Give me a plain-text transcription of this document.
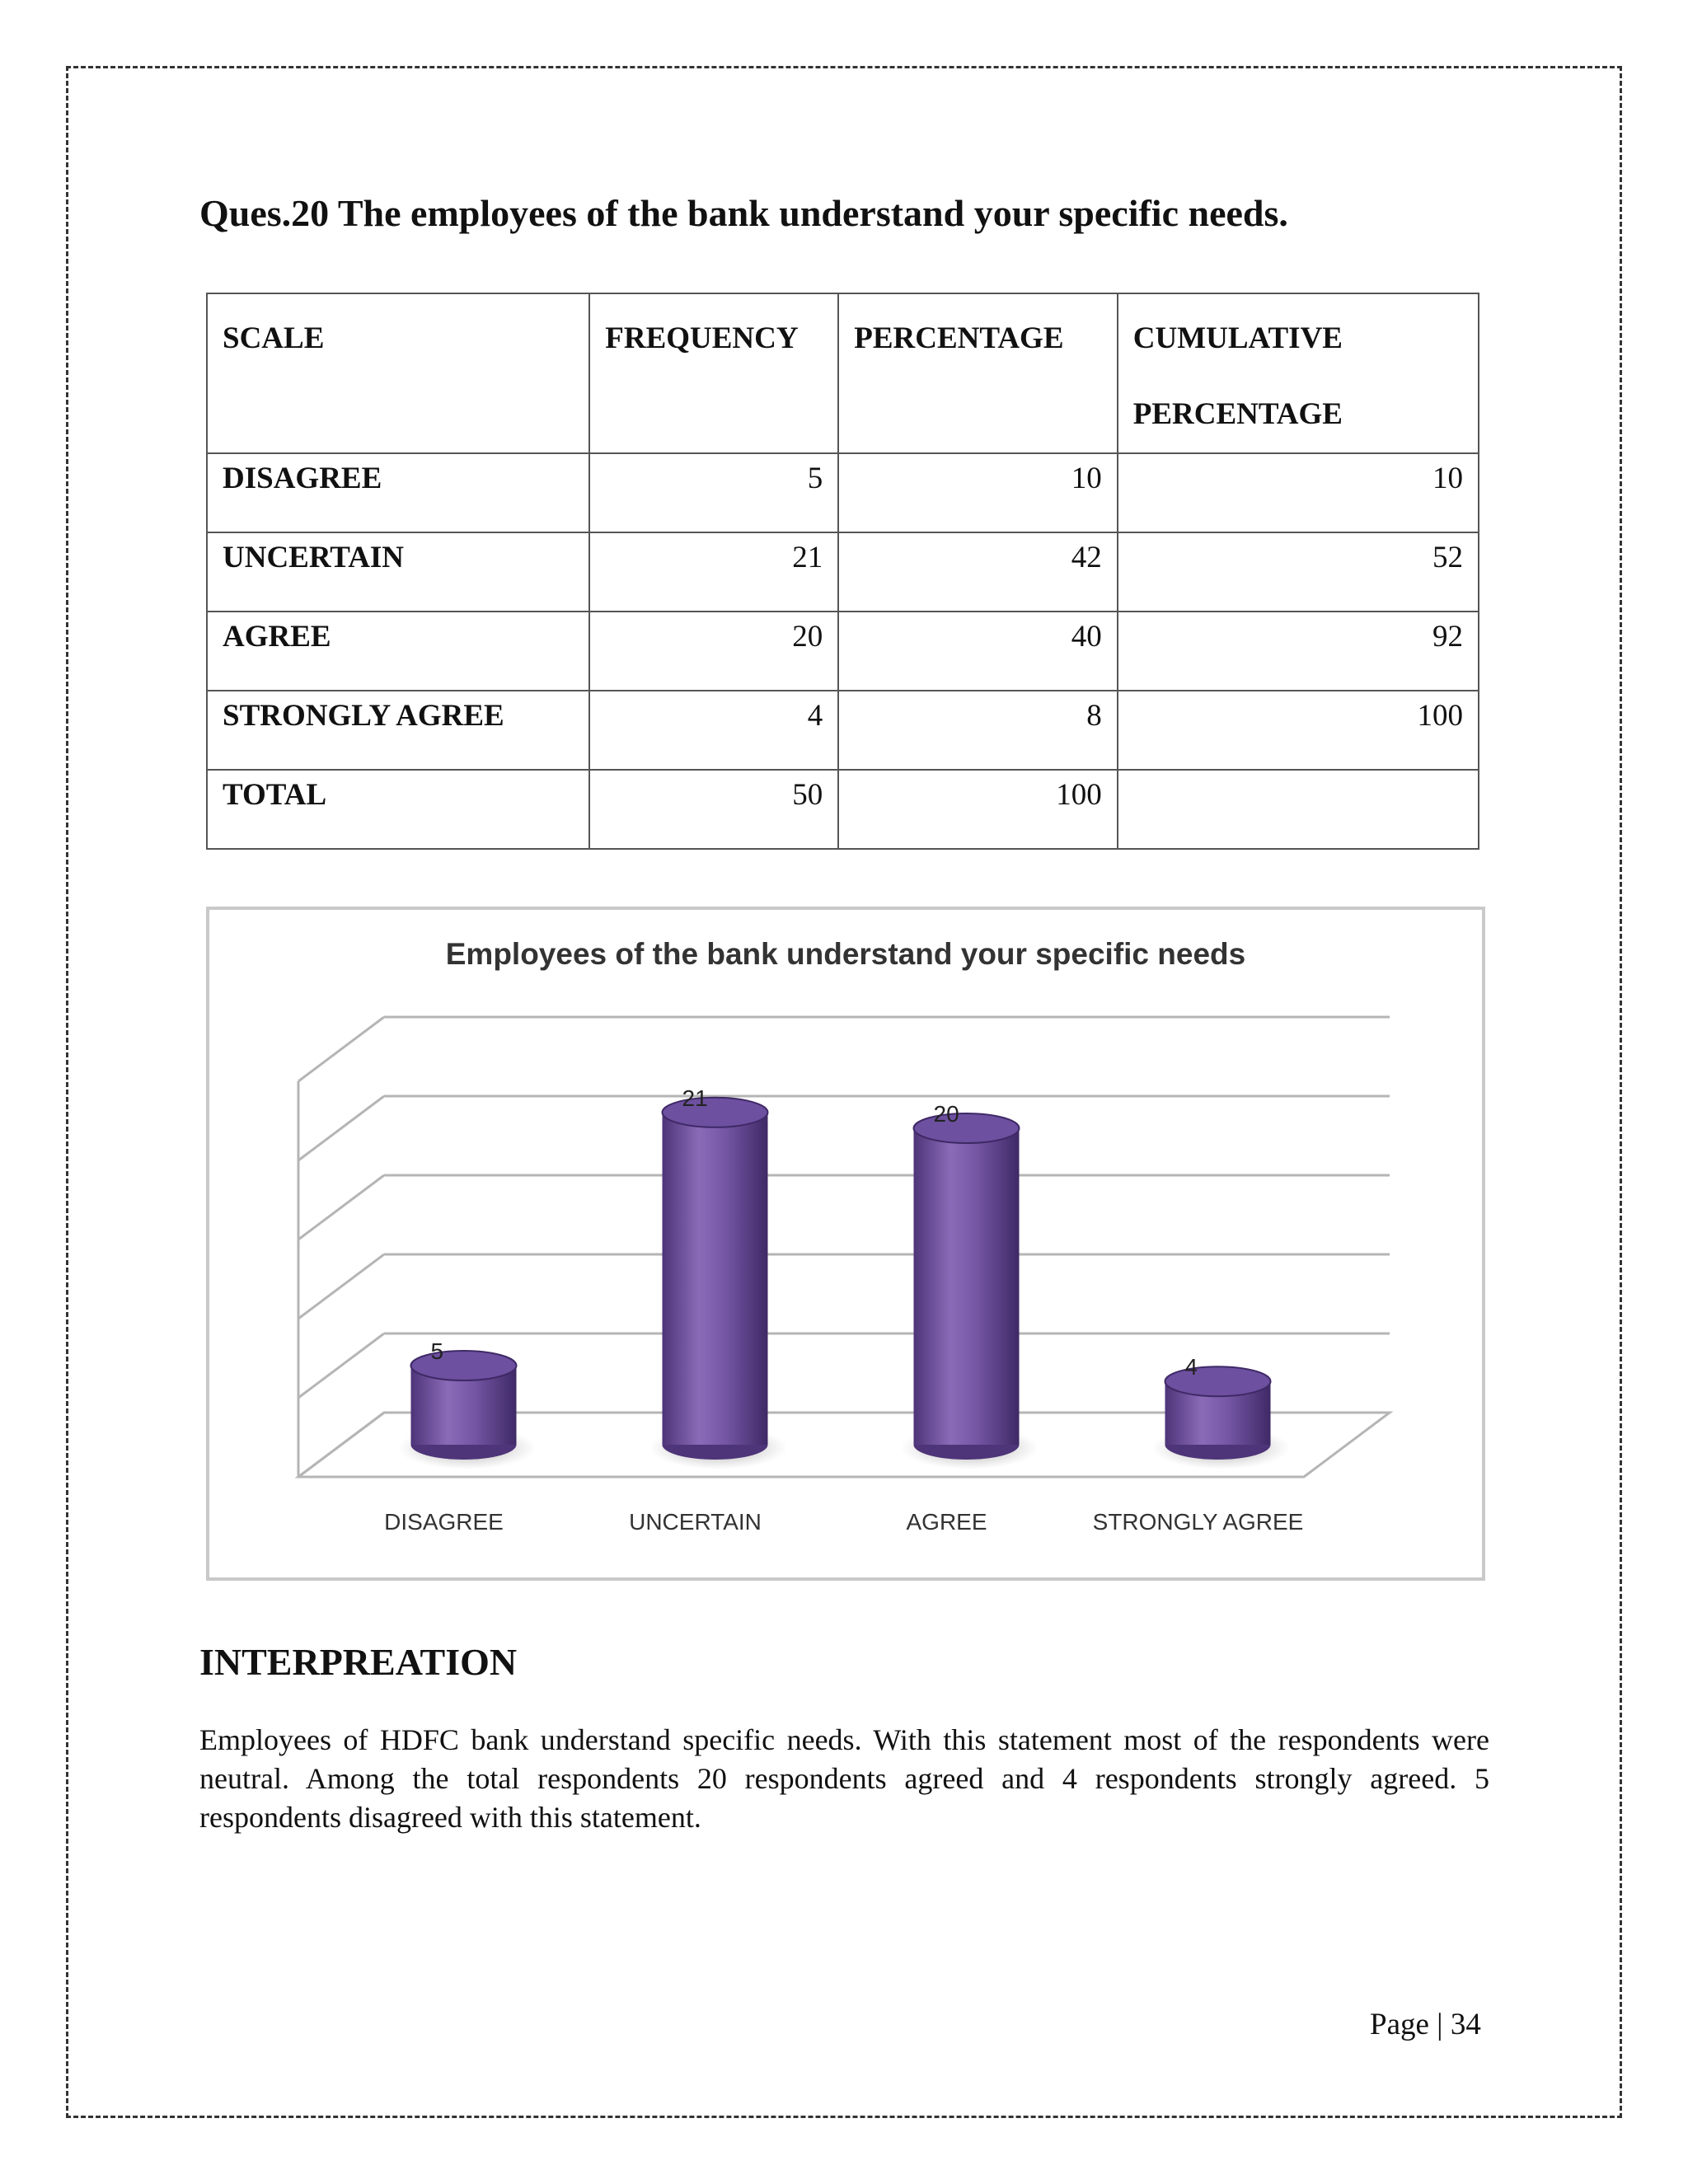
Ques.20 The employees of the bank understand your specific needs.
SCALE	FREQUENCY	PERCENTAGE	CUMULATIVE PERCENTAGE
DISAGREE	5	10	10
UNCERTAIN	21	42	52
AGREE	20	40	92
STRONGLY AGREE	4	8	100
TOTAL	50	100	
Employees of the bank understand your specific needs
5
21
20
4
DISAGREE	UNCERTAIN	AGREE	STRONGLY AGREE
INTERPREATION
Employees of HDFC bank understand specific needs. With this statement most of the respondents were neutral. Among the total respondents 20 respondents agreed and 4 respondents strongly agreed. 5 respondents disagreed with this statement.
Page | 34
